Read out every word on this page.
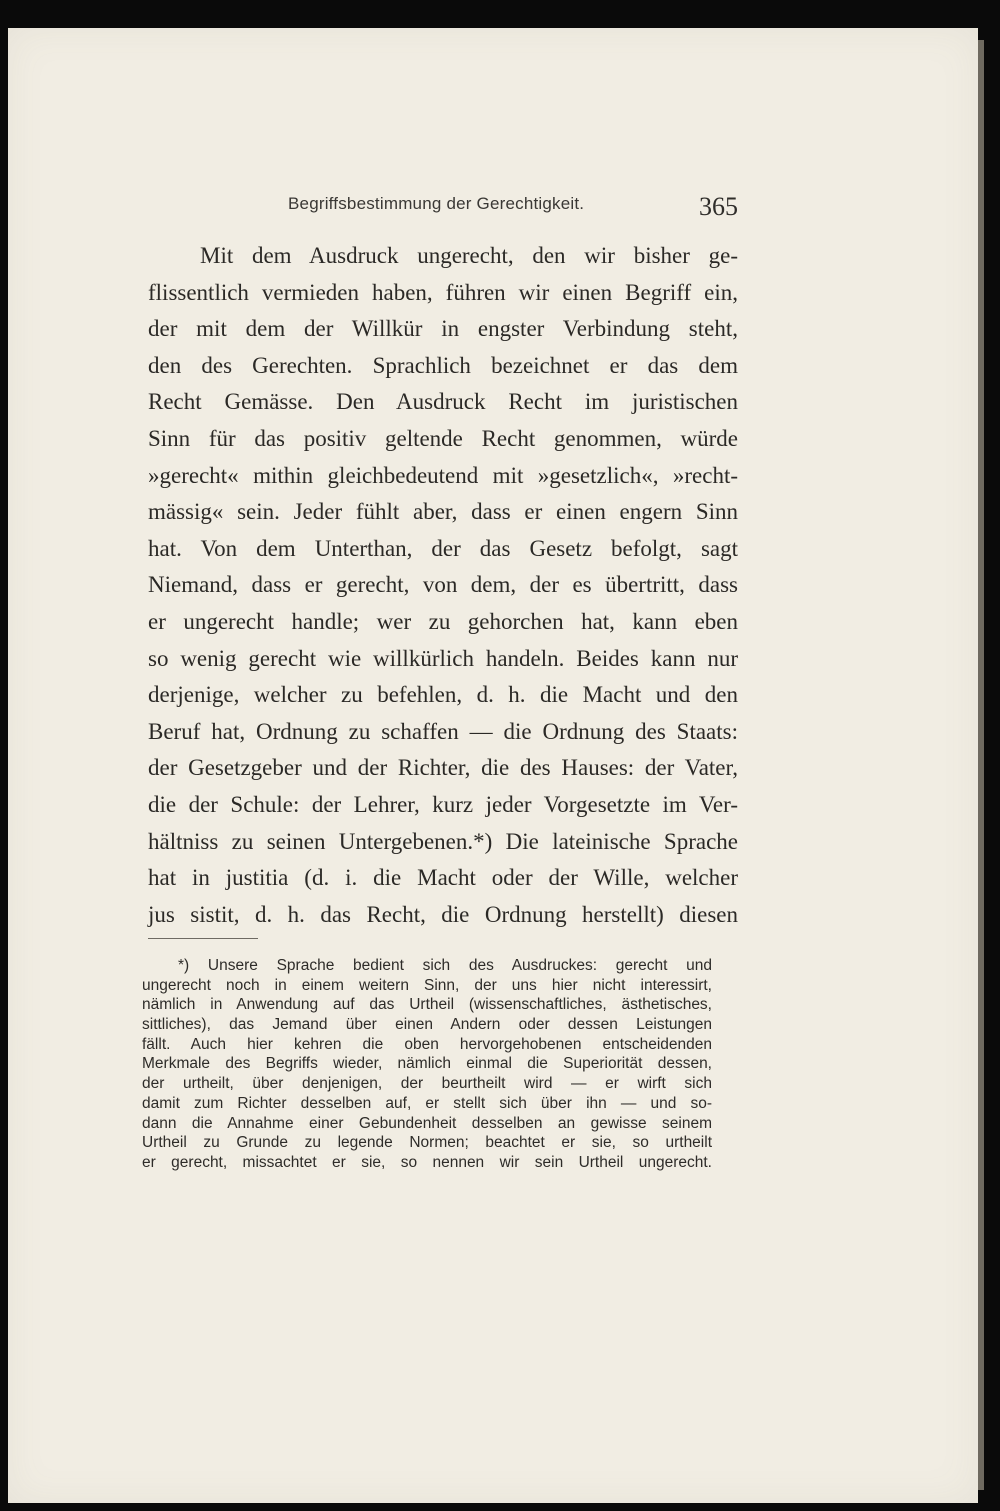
Begriffsbestimmung der Gerechtigkeit.	365
Mit dem Ausdruck ungerecht, den wir bisher ge-
flissentlich vermieden haben, führen wir einen Begriff ein,
der mit dem der Willkür in engster Verbindung steht,
den des Gerechten. Sprachlich bezeichnet er das dem
Recht Gemässe. Den Ausdruck Recht im juristischen
Sinn für das positiv geltende Recht genommen, würde
»gerecht« mithin gleichbedeutend mit »gesetzlich«, »recht-
mässig« sein. Jeder fühlt aber, dass er einen engern Sinn
hat. Von dem Unterthan, der das Gesetz befolgt, sagt
Niemand, dass er gerecht, von dem, der es übertritt, dass
er ungerecht handle; wer zu gehorchen hat, kann eben
so wenig gerecht wie willkürlich handeln. Beides kann nur
derjenige, welcher zu befehlen, d. h. die Macht und den
Beruf hat, Ordnung zu schaffen — die Ordnung des Staats:
der Gesetzgeber und der Richter, die des Hauses: der Vater,
die der Schule: der Lehrer, kurz jeder Vorgesetzte im Ver-
hältniss zu seinen Untergebenen.*) Die lateinische Sprache
hat in justitia (d. i. die Macht oder der Wille, welcher
jus sistit, d. h. das Recht, die Ordnung herstellt) diesen
*) Unsere Sprache bedient sich des Ausdruckes: gerecht und
ungerecht noch in einem weitern Sinn, der uns hier nicht interessirt,
nämlich in Anwendung auf das Urtheil (wissenschaftliches, ästhetisches,
sittliches), das Jemand über einen Andern oder dessen Leistungen
fällt. Auch hier kehren die oben hervorgehobenen entscheidenden
Merkmale des Begriffs wieder, nämlich einmal die Superiorität dessen,
der urtheilt, über denjenigen, der beurtheilt wird — er wirft sich
damit zum Richter desselben auf, er stellt sich über ihn — und so-
dann die Annahme einer Gebundenheit desselben an gewisse seinem
Urtheil zu Grunde zu legende Normen; beachtet er sie, so urtheilt
er gerecht, missachtet er sie, so nennen wir sein Urtheil ungerecht.
